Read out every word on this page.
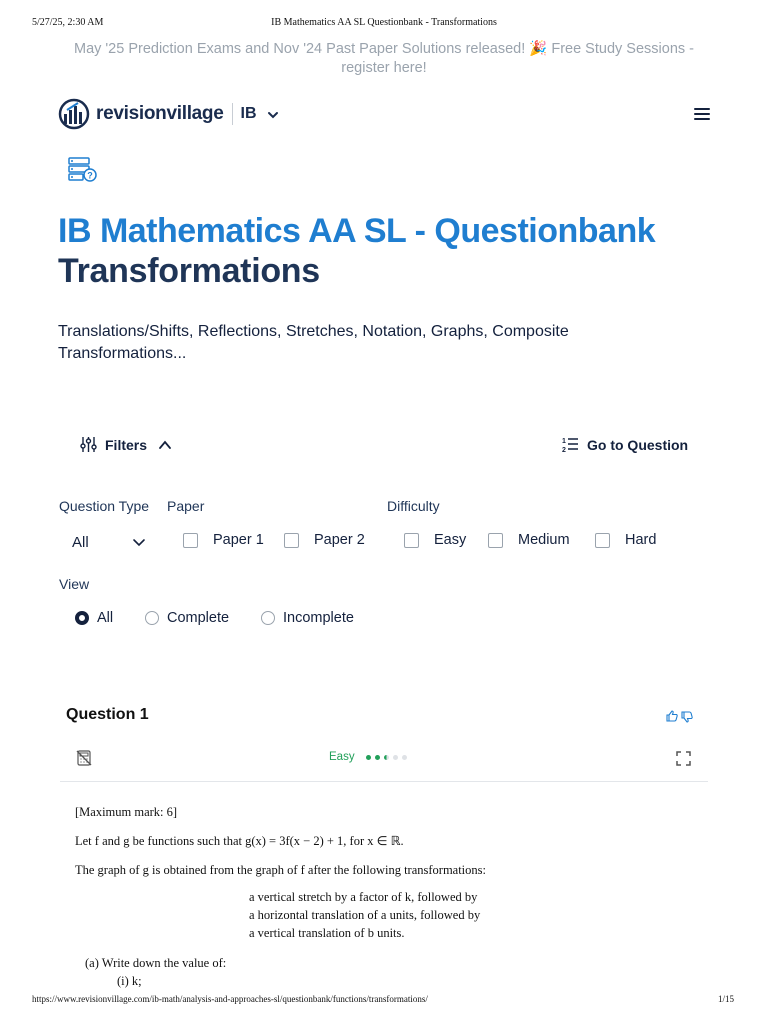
5/27/25, 2:30 AM	IB Mathematics AA SL Questionbank - Transformations
May '25 Prediction Exams and Nov '24 Past Paper Solutions released! 🎉 Free Study Sessions - register here!
revisionvillage IB
?
IB Mathematics AA SL - Questionbank
Transformations
Translations/Shifts, Reflections, Stretches, Notation, Graphs, Composite Transformations...
Filters	1
2 Go to Question
Question Type Paper	Difficulty
All	Paper 1	Paper 2	Easy	Medium	Hard
View
All	Complete	Incomplete
Question 1
Easy
[Maximum mark: 6]
Let f and g be functions such that g(x) = 3f(x − 2) + 1, for x ∈ ℝ.
The graph of g is obtained from the graph of f after the following transformations:
a vertical stretch by a factor of k, followed by
a horizontal translation of a units, followed by
a vertical translation of b units.
(a) Write down the value of:
(i) k;
https://www.revisionvillage.com/ib-math/analysis-and-approaches-sl/questionbank/functions/transformations/	1/15
